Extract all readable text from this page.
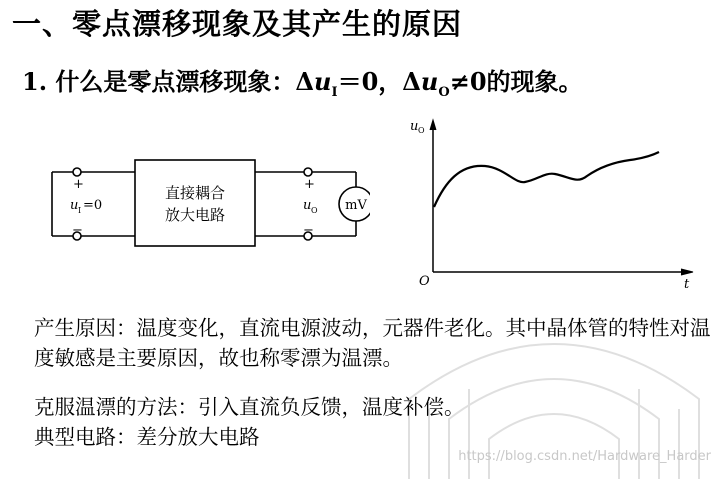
一、零点漂移现象及其产生的原因
1. 什么是零点漂移现象：$\Delta u_I=0$，$\Delta u_O\ne 0$的现象。
直接耦合
放大电路
+
−
u I =0
+
−
u O mV
u O
O	t
产生原因：温度变化，直流电源波动，元器件老化。其中晶体管的特性对温度敏感是主要原因，故也称零漂为温漂。
克服温漂的方法：引入直流负反馈，温度补偿。
典型电路：差分放大电路
https://blog.csdn.net/Hardware_Harder
